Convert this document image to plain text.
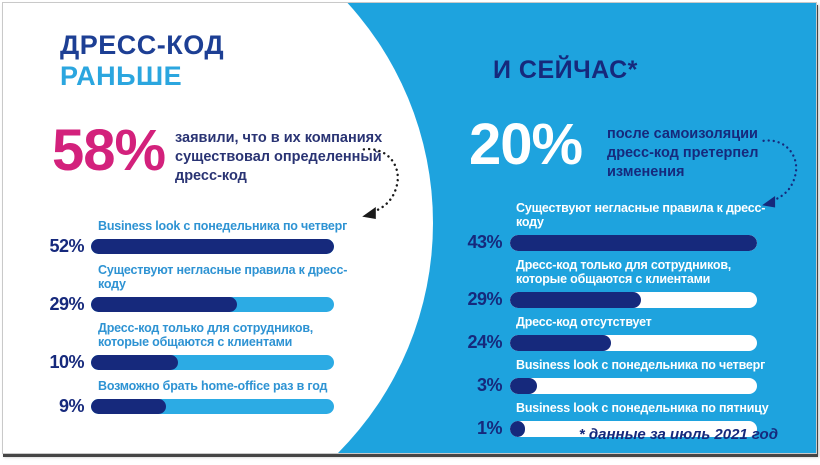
ДРЕСС-КОД
РАНЬШЕ
58% заявили, что в их компаниях существовал определенный дресс-код
Business look с понедельника по четверг
52%
Существуют негласные правила к дресс-коду
29%
Дресс-код только для сотрудников, которые общаются с клиентами
10%
Возможно брать home-office раз в год
9%
И СЕЙЧАС*
20% после самоизоляции дресс-код претерпел изменения
Существуют негласные правила к дресс-коду
43%
Дресс-код только для сотрудников, которые общаются с клиентами
29%
Дресс-код отсутствует
24%
Business look с понедельника по четверг
3%
Business look с понедельника по пятницу
1%	* данные за июль 2021 год
